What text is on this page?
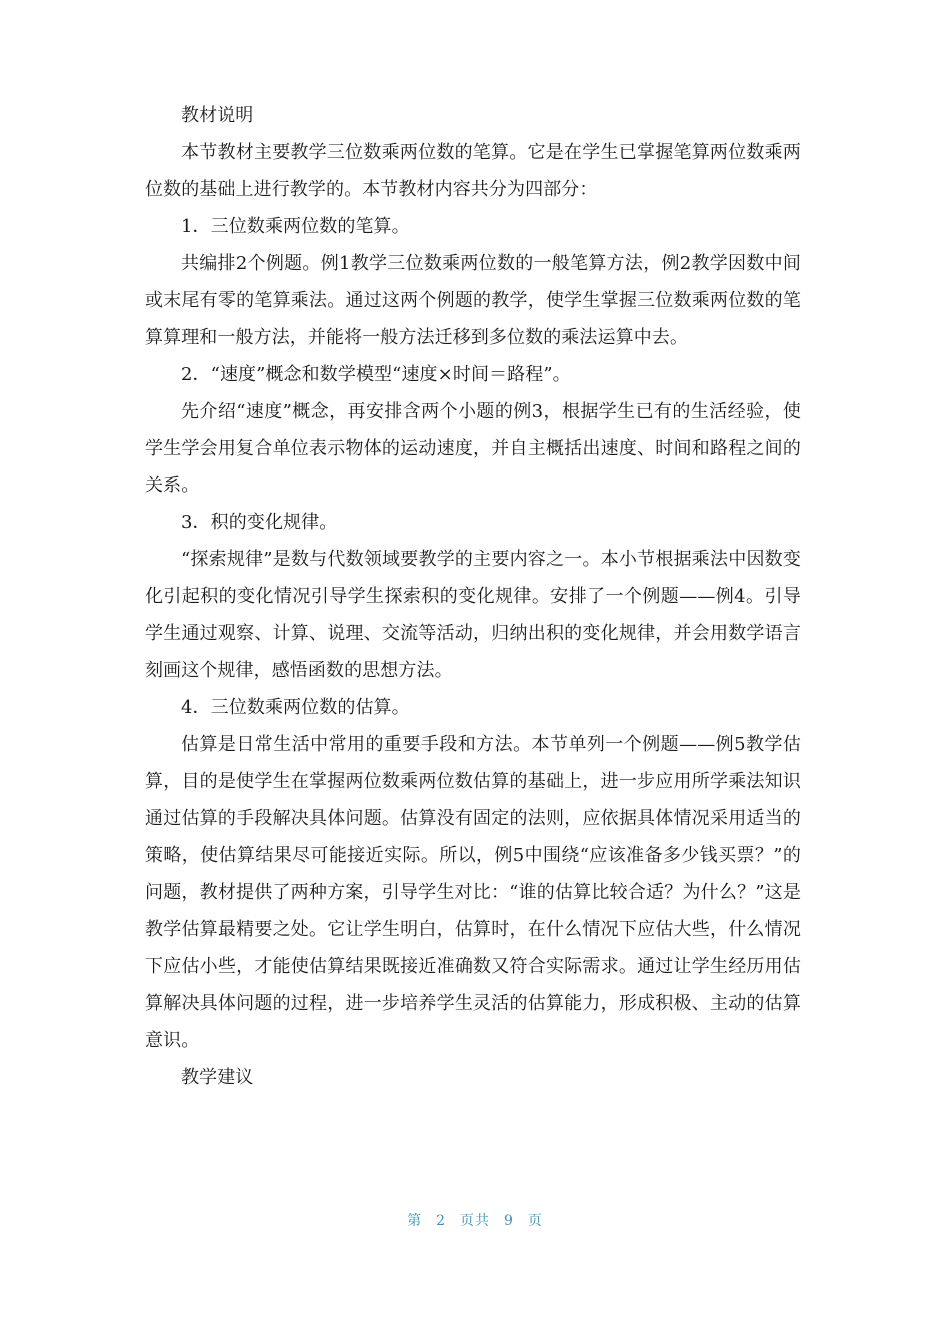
教材说明

本节教材主要教学三位数乘两位数的笔算。它是在学生已掌握笔算两位数乘两位数的基础上进行教学的。本节教材内容共分为四部分：

1．三位数乘两位数的笔算。

共编排2个例题。例1教学三位数乘两位数的一般笔算方法，例2教学因数中间或末尾有零的笔算乘法。通过这两个例题的教学，使学生掌握三位数乘两位数的笔算算理和一般方法，并能将一般方法迁移到多位数的乘法运算中去。

2．“速度”概念和数学模型“速度×时间＝路程”。

先介绍“速度”概念，再安排含两个小题的例3，根据学生已有的生活经验，使学生学会用复合单位表示物体的运动速度，并自主概括出速度、时间和路程之间的关系。

3．积的变化规律。

“探索规律”是数与代数领域要教学的主要内容之一。本小节根据乘法中因数变化引起积的变化情况引导学生探索积的变化规律。安排了一个例题——例4。引导学生通过观察、计算、说理、交流等活动，归纳出积的变化规律，并会用数学语言刻画这个规律，感悟函数的思想方法。

4．三位数乘两位数的估算。

估算是日常生活中常用的重要手段和方法。本节单列一个例题——例5教学估算，目的是使学生在掌握两位数乘两位数估算的基础上，进一步应用所学乘法知识通过估算的手段解决具体问题。估算没有固定的法则，应依据具体情况采用适当的策略，使估算结果尽可能接近实际。所以，例5中围绕“应该准备多少钱买票？”的问题，教材提供了两种方案，引导学生对比：“谁的估算比较合适？为什么？”这是教学估算最精要之处。它让学生明白，估算时，在什么情况下应估大些，什么情况下应估小些，才能使估算结果既接近准确数又符合实际需求。通过让学生经历用估算解决具体问题的过程，进一步培养学生灵活的估算能力，形成积极、主动的估算意识。

教学建议

第 2 页共 9 页
